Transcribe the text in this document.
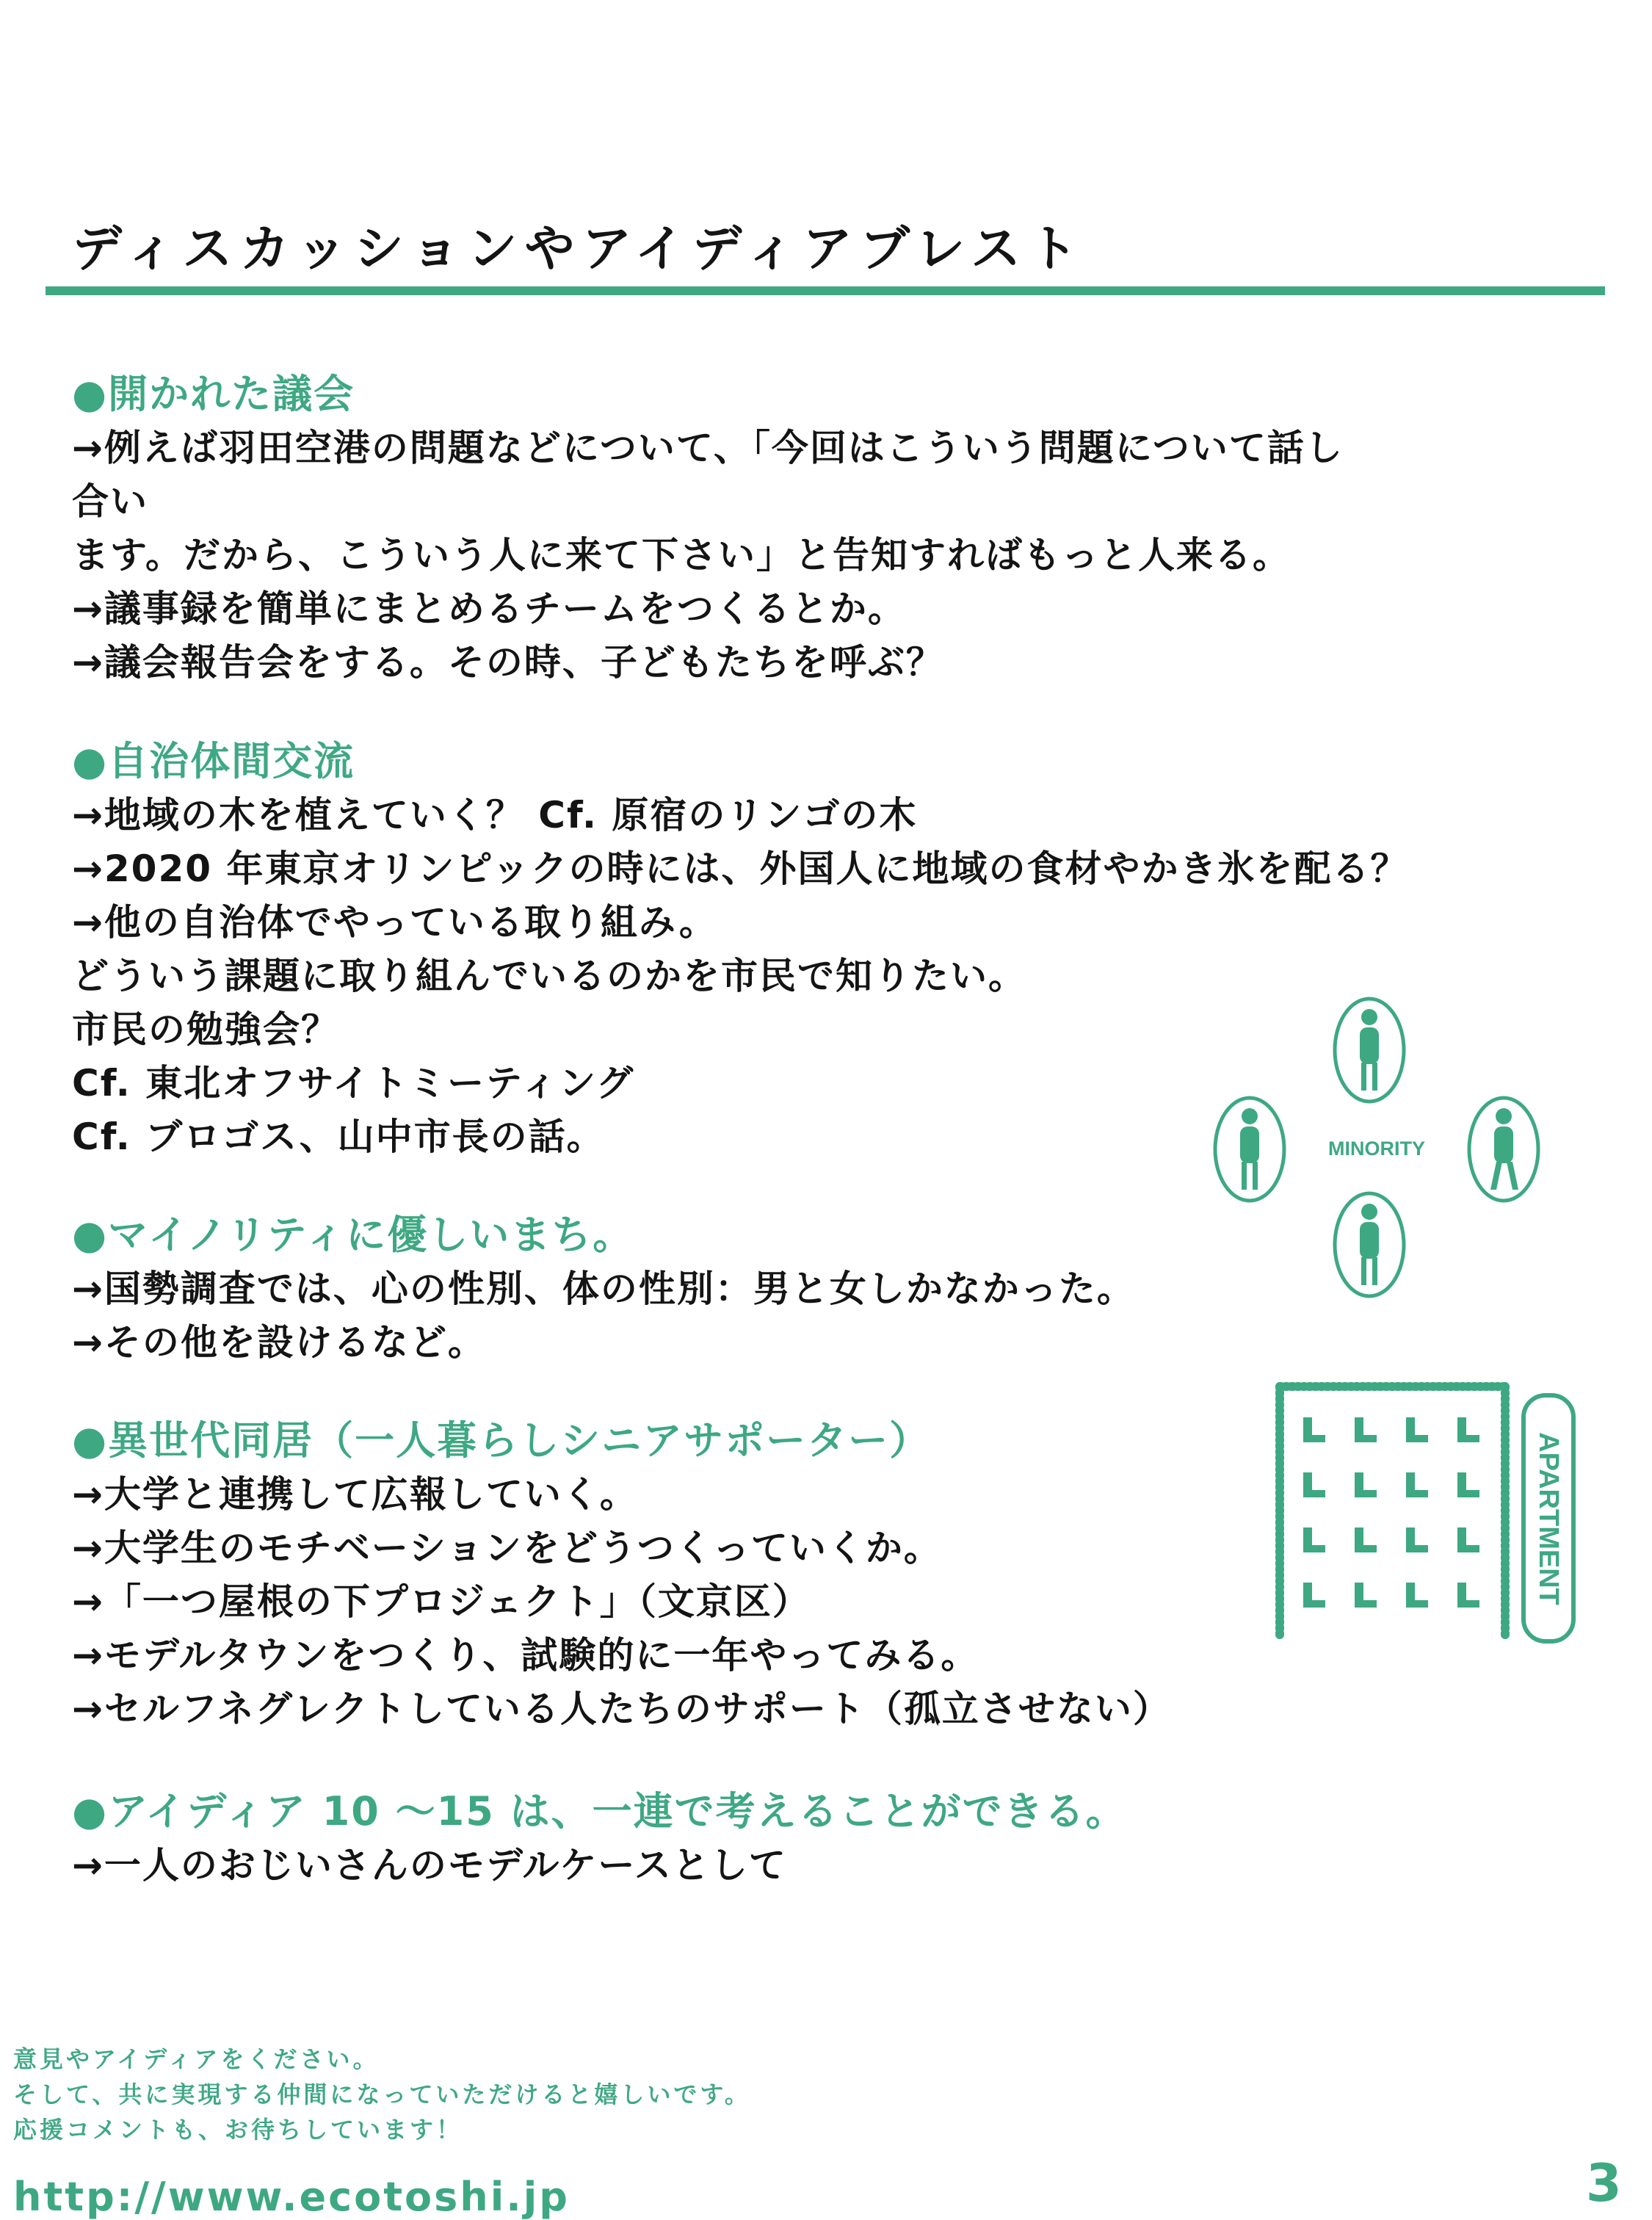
ディスカッションやアイディアブレスト
●開かれた議会
→例えば羽田空港の問題などについて、「今回はこういう問題について話し
合い
ます。だから、こういう人に来て下さい」と告知すればもっと人来る。
→議事録を簡単にまとめるチームをつくるとか。
→議会報告会をする。その時、子どもたちを呼ぶ？
●自治体間交流
→地域の木を植えていく？ Cf. 原宿のリンゴの木
→2020 年東京オリンピックの時には、外国人に地域の食材やかき氷を配る？
→他の自治体でやっている取り組み。
どういう課題に取り組んでいるのかを市民で知りたい。
市民の勉強会？
Cf. 東北オフサイトミーティング
Cf. ブロゴス、山中市長の話。
●マイノリティに優しいまち。
→国勢調査では、心の性別、体の性別：男と女しかなかった。
→その他を設けるなど。
●異世代同居（一人暮らしシニアサポーター）
→大学と連携して広報していく。
→大学生のモチベーションをどうつくっていくか。
→「一つ屋根の下プロジェクト」（文京区）
→モデルタウンをつくり、試験的に一年やってみる。
→セルフネグレクトしている人たちのサポート（孤立させない）
●アイディア 10 〜15 は、一連で考えることができる。
→一人のおじいさんのモデルケースとして
MINORITY
APARTMENT
意見やアイディアをください。
そして、共に実現する仲間になっていただけると嬉しいです。
応援コメントも、お待ちしています！
http://www.ecotoshi.jp	3
